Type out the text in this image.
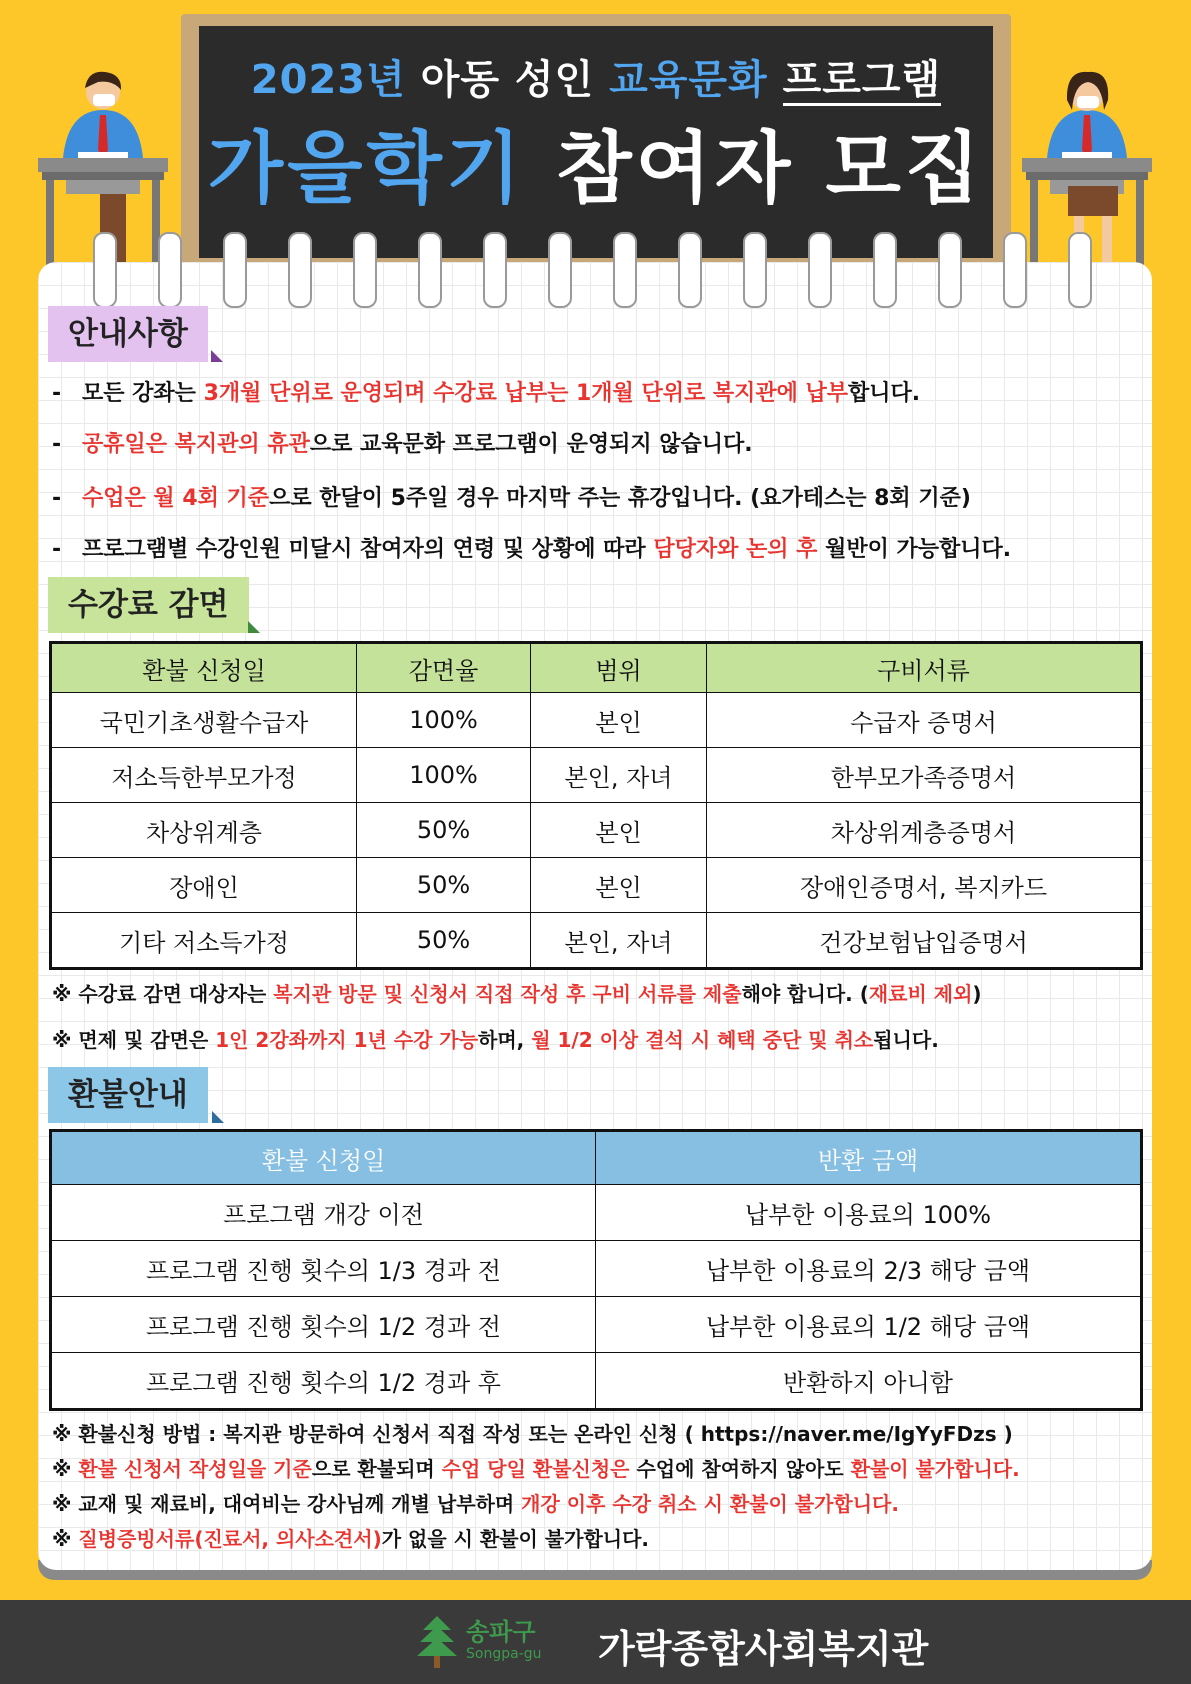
2023년 아동 성인 교육문화 프로그램
가을학기 참여자 모집
안내사항
- 모든 강좌는 3개월 단위로 운영되며 수강료 납부는 1개월 단위로 복지관에 납부합니다.
- 공휴일은 복지관의 휴관으로 교육문화 프로그램이 운영되지 않습니다.
- 수업은 월 4회 기준으로 한달이 5주일 경우 마지막 주는 휴강입니다. (요가테스는 8회 기준)
- 프로그램별 수강인원 미달시 참여자의 연령 및 상황에 따라 담당자와 논의 후 월반이 가능합니다.
수강료 감면
환불 신청일	감면율	범위	구비서류
국민기초생활수급자	100%	본인	수급자 증명서
저소득한부모가정	100%	본인, 자녀	한부모가족증명서
차상위계층	50%	본인	차상위계층증명서
장애인	50%	본인	장애인증명서, 복지카드
기타 저소득가정	50%	본인, 자녀	건강보험납입증명서
※ 수강료 감면 대상자는 복지관 방문 및 신청서 직접 작성 후 구비 서류를 제출해야 합니다. (재료비 제외)
※ 면제 및 감면은 1인 2강좌까지 1년 수강 가능하며, 월 1/2 이상 결석 시 혜택 중단 및 취소됩니다.
환불안내
환불 신청일	반환 금액
프로그램 개강 이전	납부한 이용료의 100%
프로그램 진행 횟수의 1/3 경과 전	납부한 이용료의 2/3 해당 금액
프로그램 진행 횟수의 1/2 경과 전	납부한 이용료의 1/2 해당 금액
프로그램 진행 횟수의 1/2 경과 후	반환하지 아니함
※ 환불신청 방법 : 복지관 방문하여 신청서 직접 작성 또는 온라인 신청 ( https://naver.me/IgYyFDzs )
※ 환불 신청서 작성일을 기준으로 환불되며 수업 당일 환불신청은 수업에 참여하지 않아도 환불이 불가합니다.
※ 교재 및 재료비, 대여비는 강사님께 개별 납부하며 개강 이후 수강 취소 시 환불이 불가합니다.
※ 질병증빙서류(진료서, 의사소견서)가 없을 시 환불이 불가합니다.
송파구
Songpa-gu 가락종합사회복지관
